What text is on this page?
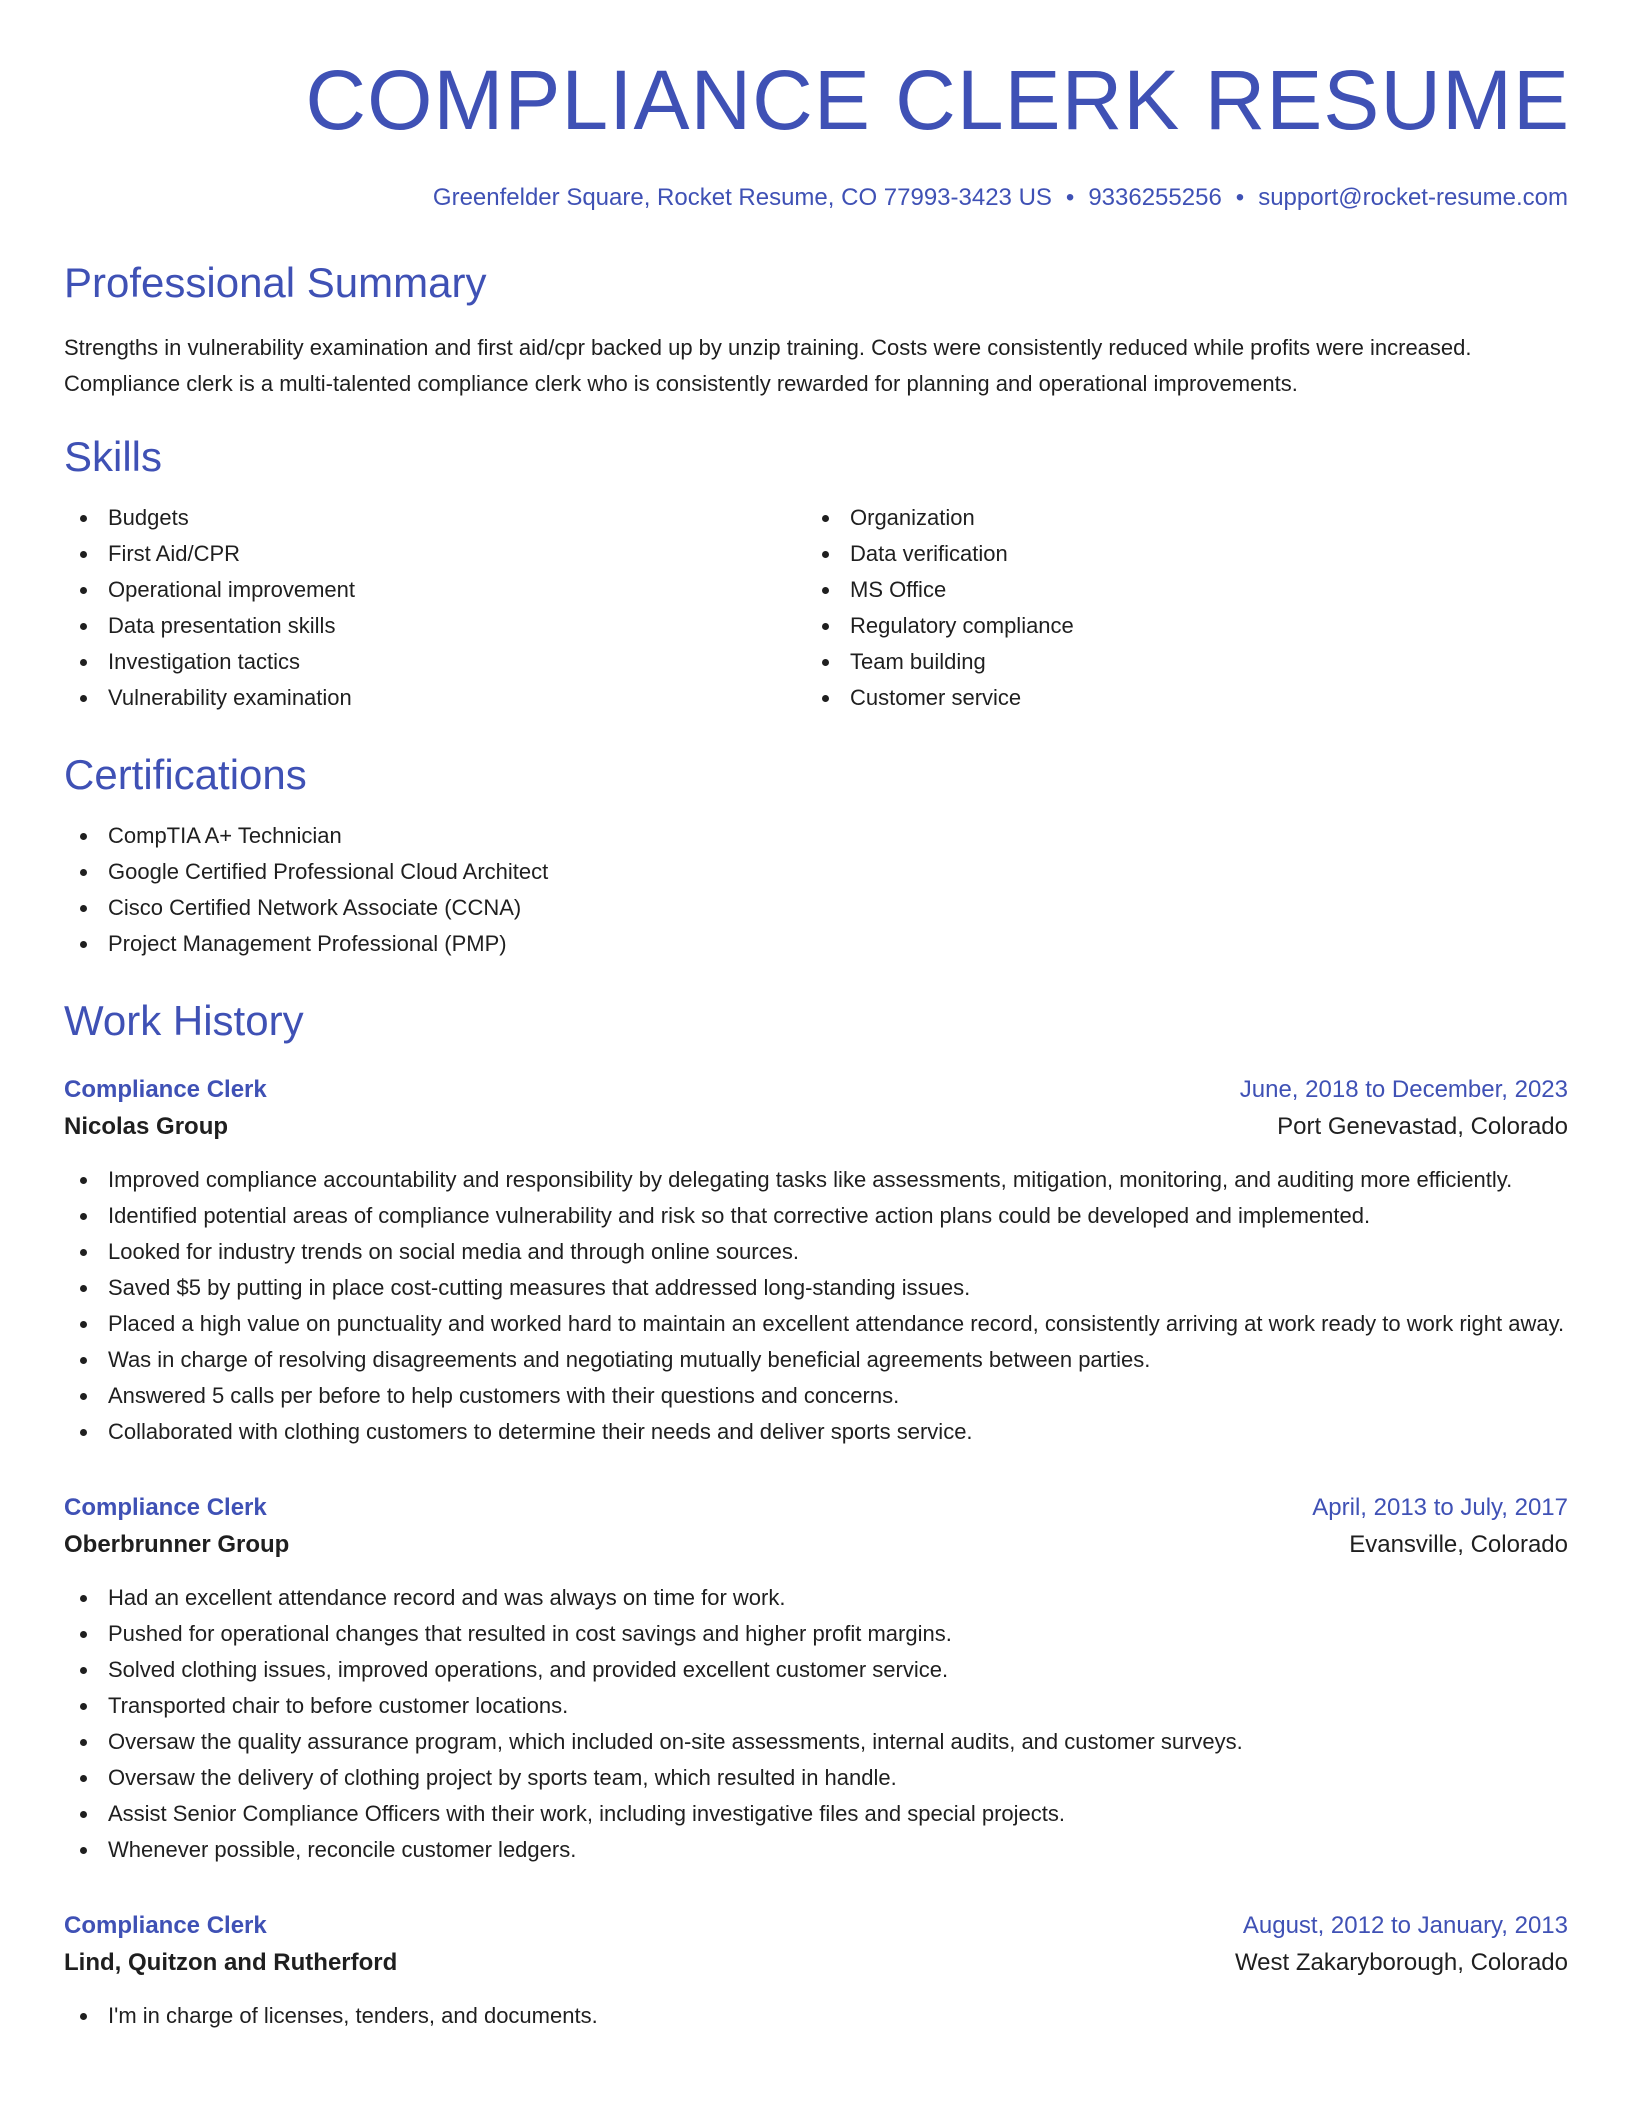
COMPLIANCE CLERK RESUME
Greenfelder Square, Rocket Resume, CO 77993-3423 US • 9336255256 • support@rocket-resume.com
Professional Summary

Strengths in vulnerability examination and first aid/cpr backed up by unzip training. Costs were consistently reduced while profits were increased. Compliance clerk is a multi-talented compliance clerk who is consistently rewarded for planning and operational improvements.

Skills
Budgets
First Aid/CPR
Operational improvement
Data presentation skills
Investigation tactics
Vulnerability examination
Organization
Data verification
MS Office
Regulatory compliance
Team building
Customer service
Certifications
CompTIA A+ Technician
Google Certified Professional Cloud Architect
Cisco Certified Network Associate (CCNA)
Project Management Professional (PMP)
Work History
Compliance Clerk	June, 2018 to December, 2023
Nicolas Group	Port Genevastad, Colorado
Improved compliance accountability and responsibility by delegating tasks like assessments, mitigation, monitoring, and auditing more efficiently.
Identified potential areas of compliance vulnerability and risk so that corrective action plans could be developed and implemented.
Looked for industry trends on social media and through online sources.
Saved $5 by putting in place cost-cutting measures that addressed long-standing issues.
Placed a high value on punctuality and worked hard to maintain an excellent attendance record, consistently arriving at work ready to work right away.
Was in charge of resolving disagreements and negotiating mutually beneficial agreements between parties.
Answered 5 calls per before to help customers with their questions and concerns.
Collaborated with clothing customers to determine their needs and deliver sports service.
Compliance Clerk	April, 2013 to July, 2017
Oberbrunner Group	Evansville, Colorado
Had an excellent attendance record and was always on time for work.
Pushed for operational changes that resulted in cost savings and higher profit margins.
Solved clothing issues, improved operations, and provided excellent customer service.
Transported chair to before customer locations.
Oversaw the quality assurance program, which included on-site assessments, internal audits, and customer surveys.
Oversaw the delivery of clothing project by sports team, which resulted in handle.
Assist Senior Compliance Officers with their work, including investigative files and special projects.
Whenever possible, reconcile customer ledgers.
Compliance Clerk	August, 2012 to January, 2013
Lind, Quitzon and Rutherford	West Zakaryborough, Colorado
I'm in charge of licenses, tenders, and documents.
